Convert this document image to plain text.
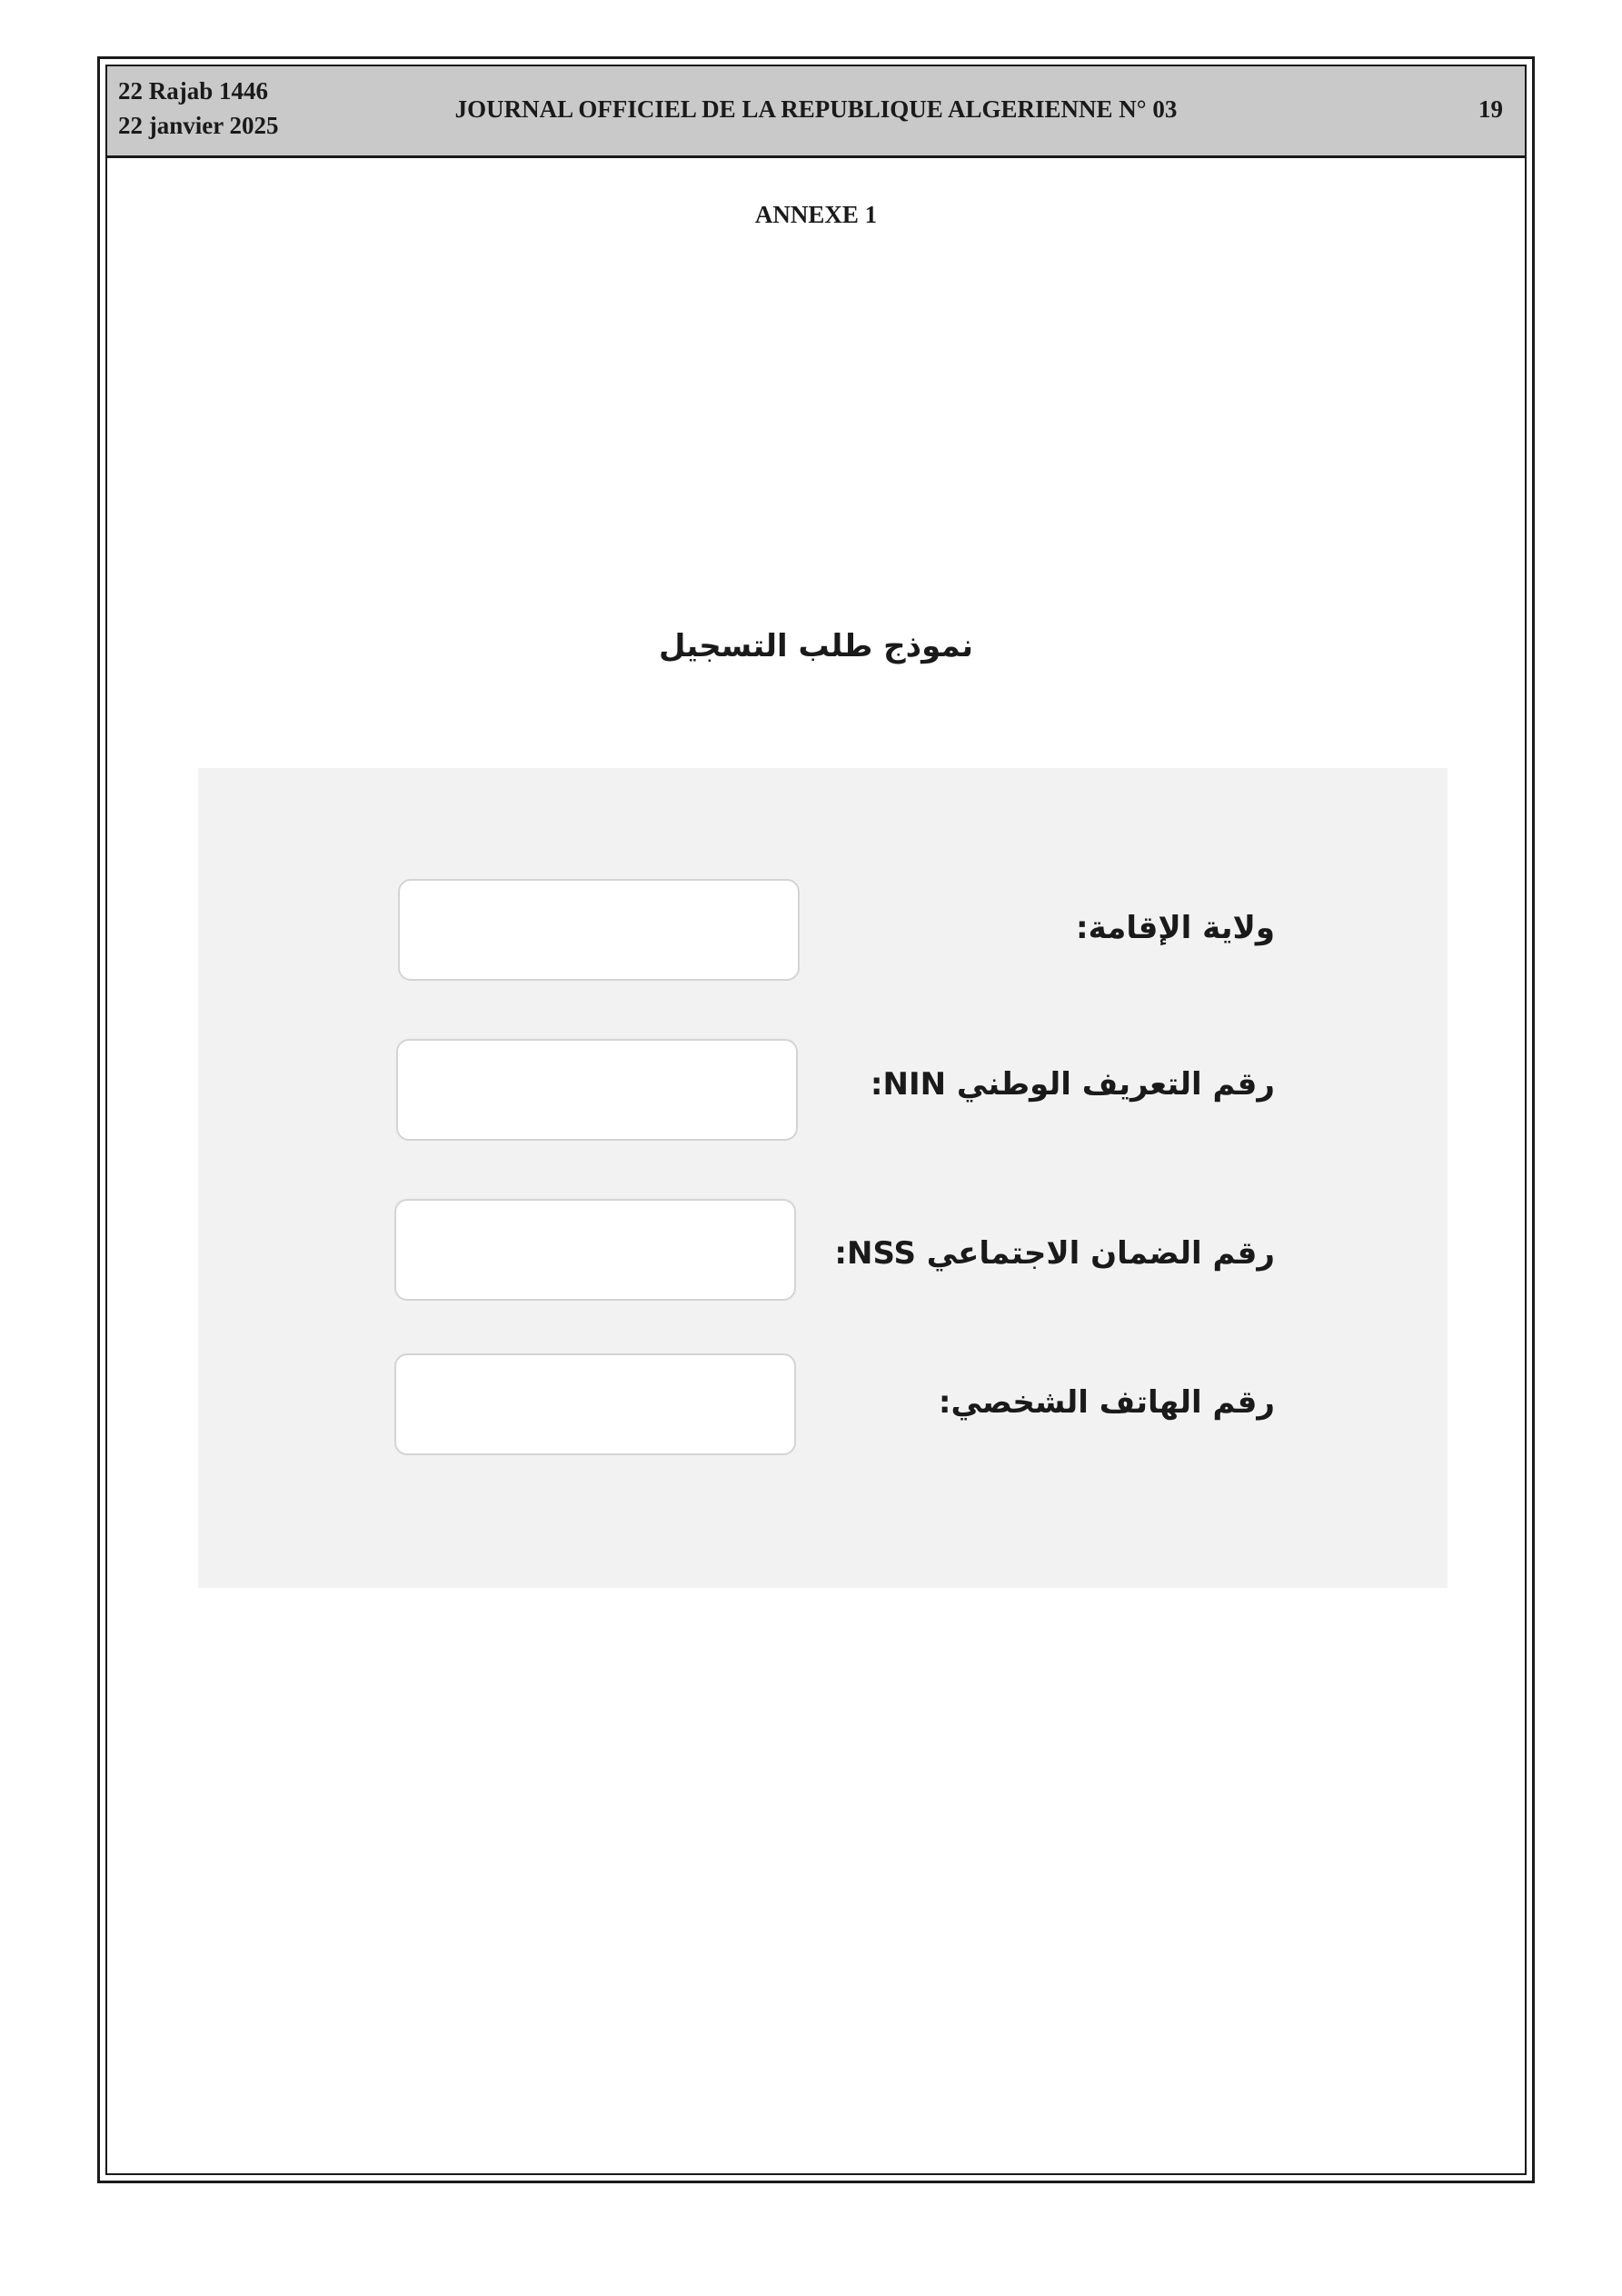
22 Rajab 1446
22 janvier 2025
JOURNAL OFFICIEL DE LA REPUBLIQUE ALGERIENNE N° 03	19
ANNEXE 1
نموذج طلب التسجيل
ولاية الإقامة:
رقم التعريف الوطني NIN:
رقم الضمان الاجتماعي NSS:
رقم الهاتف الشخصي:
